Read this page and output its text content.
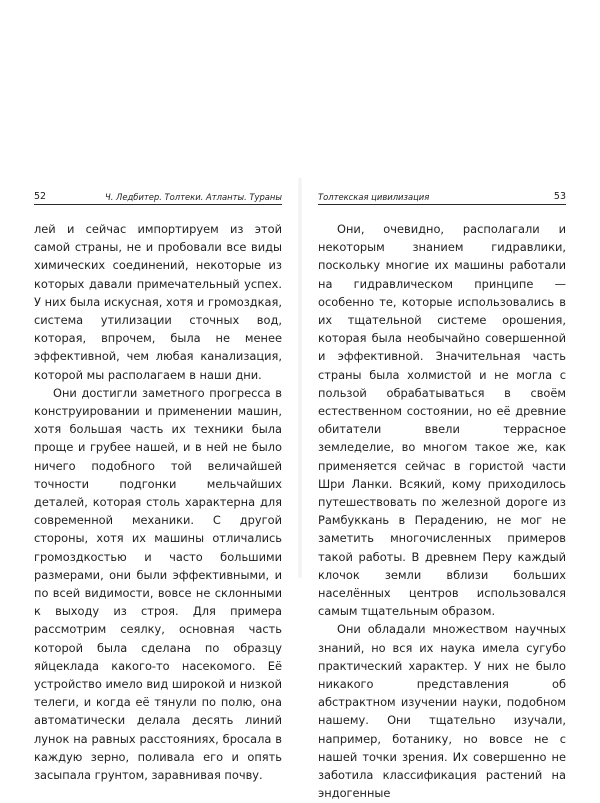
52	Ч. Ледбитер. Толтеки. Атланты. Тураны

лей и сейчас импортируем из этой самой страны, не и пробовали все виды химических соединений, некоторые из которых давали примечательный успех. У них была искусная, хотя и громоздкая, система утилизации сточных вод, которая, впрочем, была не менее эффективной, чем любая канализация, которой мы располагаем в наши дни.

Они достигли заметного прогресса в конструировании и применении машин, хотя большая часть их техники была проще и грубее нашей, и в ней не было ничего подобного той величайшей точности подгонки мельчайших деталей, которая столь характерна для современной механики. С другой стороны, хотя их машины отличались громоздкостью и часто большими размерами, они были эффективными, и по всей видимости, вовсе не склонными к выходу из строя. Для примера рассмотрим сеялку, основная часть которой была сделана по образцу яйцеклада какого-то насекомого. Её устройство имело вид широкой и низкой телеги, и когда её тянули по полю, она автоматически делала десять линий лунок на равных расстояниях, бросала в каждую зерно, поливала его и опять засыпала грунтом, заравнивая почву.

Толтекская цивилизация	53

Они, очевидно, располагали и некоторым знанием гидравлики, поскольку многие их машины работали на гидравлическом принципе — особенно те, которые использовались в их тщательной системе орошения, которая была необычайно совершенной и эффективной. Значительная часть страны была холмистой и не могла с пользой обрабатываться в своём естественном состоянии, но её древние обитатели ввели террасное земледелие, во многом такое же, как применяется сейчас в гористой части Шри Ланки. Всякий, кому приходилось путешествовать по железной дороге из Рамбуккань в Перадению, не мог не заметить многочисленных примеров такой работы. В древнем Перу каждый клочок земли вблизи больших населённых центров использовался самым тщательным образом.

Они обладали множеством научных знаний, но вся их наука имела сугубо практический характер. У них не было никакого представления об абстрактном изучении науки, подобном нашему. Они тщательно изучали, например, ботанику, но вовсе не с нашей точки зрения. Их совершенно не заботила классификация растений на эндогенные
